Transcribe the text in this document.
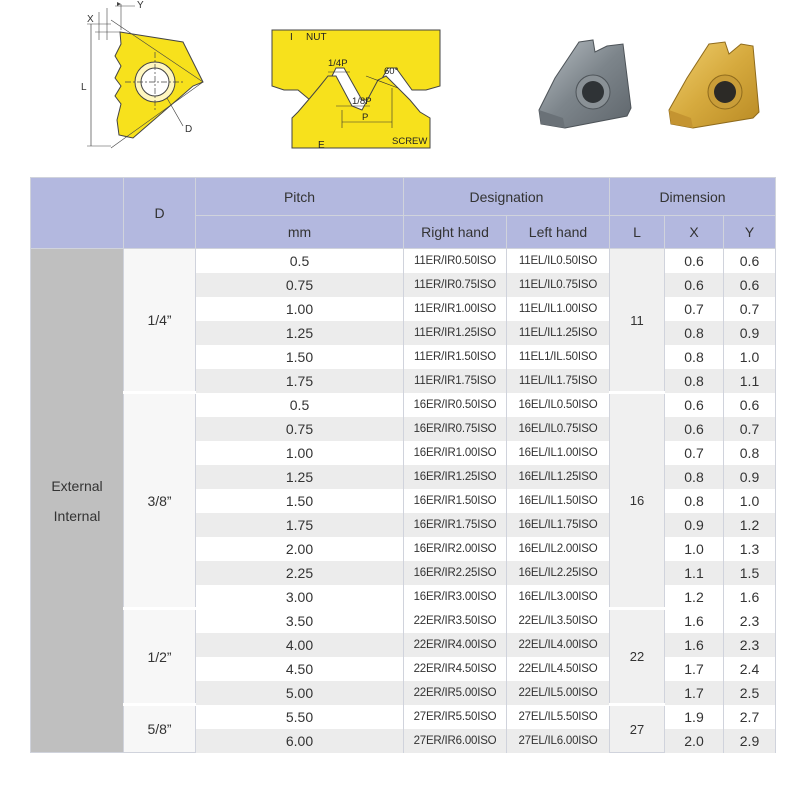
L
X
Y
D
I NUT
1/4P
60°
1/8P
P
SCREW
E
	D	Pitch	Designation		Dimension		
		mm	Right hand	Left hand	L	X	Y

External
Internal	1/4”	0.5	11ER/IR0.50ISO	11EL/IL0.50ISO	11	0.6	0.6
		0.75	11ER/IR0.75ISO	11EL/IL0.75ISO		0.6	0.6
		1.00	11ER/IR1.00ISO	11EL/IL1.00ISO		0.7	0.7
		1.25	11ER/IR1.25ISO	11EL/IL1.25ISO		0.8	0.9
		1.50	11ER/IR1.50ISO	11EL1/IL.50ISO		0.8	1.0
		1.75	11ER/IR1.75ISO	11EL/IL1.75ISO		0.8	1.1
	3/8”	0.5	16ER/IR0.50ISO	16EL/IL0.50ISO	16	0.6	0.6
		0.75	16ER/IR0.75ISO	16EL/IL0.75ISO		0.6	0.7
		1.00	16ER/IR1.00ISO	16EL/IL1.00ISO		0.7	0.8
		1.25	16ER/IR1.25ISO	16EL/IL1.25ISO		0.8	0.9
		1.50	16ER/IR1.50ISO	16EL/IL1.50ISO		0.8	1.0
		1.75	16ER/IR1.75ISO	16EL/IL1.75ISO		0.9	1.2
		2.00	16ER/IR2.00ISO	16EL/IL2.00ISO		1.0	1.3
		2.25	16ER/IR2.25ISO	16EL/IL2.25ISO		1.1	1.5
		3.00	16ER/IR3.00ISO	16EL/IL3.00ISO		1.2	1.6
	1/2”	3.50	22ER/IR3.50ISO	22EL/IL3.50ISO	22	1.6	2.3
		4.00	22ER/IR4.00ISO	22EL/IL4.00ISO		1.6	2.3
		4.50	22ER/IR4.50ISO	22EL/IL4.50ISO		1.7	2.4
		5.00	22ER/IR5.00ISO	22EL/IL5.00ISO		1.7	2.5
	5/8”	5.50	27ER/IR5.50ISO	27EL/IL5.50ISO	27	1.9	2.7
		6.00	27ER/IR6.00ISO	27EL/IL6.00ISO		2.0	2.9
